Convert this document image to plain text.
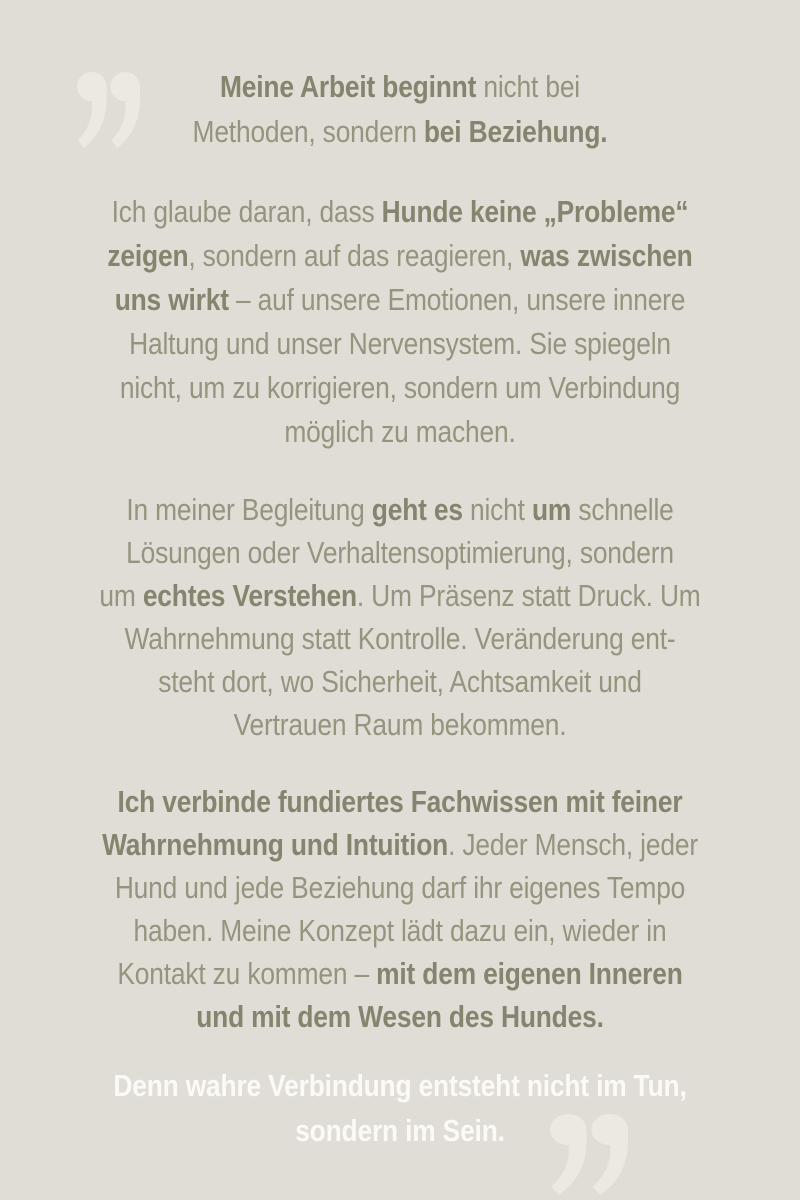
Meine Arbeit beginnt nicht bei
Methoden, sondern bei Beziehung.
Ich glaube daran, dass Hunde keine „Probleme“
zeigen, sondern auf das reagieren, was zwischen
uns wirkt – auf unsere Emotionen, unsere innere
Haltung und unser Nervensystem. Sie spiegeln
nicht, um zu korrigieren, sondern um Verbindung
möglich zu machen.
In meiner Begleitung geht es nicht um schnelle
Lösungen oder Verhaltensoptimierung, sondern
um echtes Verstehen. Um Präsenz statt Druck. Um
Wahrnehmung statt Kontrolle. Veränderung ent-
steht dort, wo Sicherheit, Achtsamkeit und
Vertrauen Raum bekommen.
Ich verbinde fundiertes Fachwissen mit feiner
Wahrnehmung und Intuition. Jeder Mensch, jeder
Hund und jede Beziehung darf ihr eigenes Tempo
haben. Meine Konzept lädt dazu ein, wieder in
Kontakt zu kommen – mit dem eigenen Inneren
und mit dem Wesen des Hundes.
Denn wahre Verbindung entsteht nicht im Tun,
sondern im Sein.
